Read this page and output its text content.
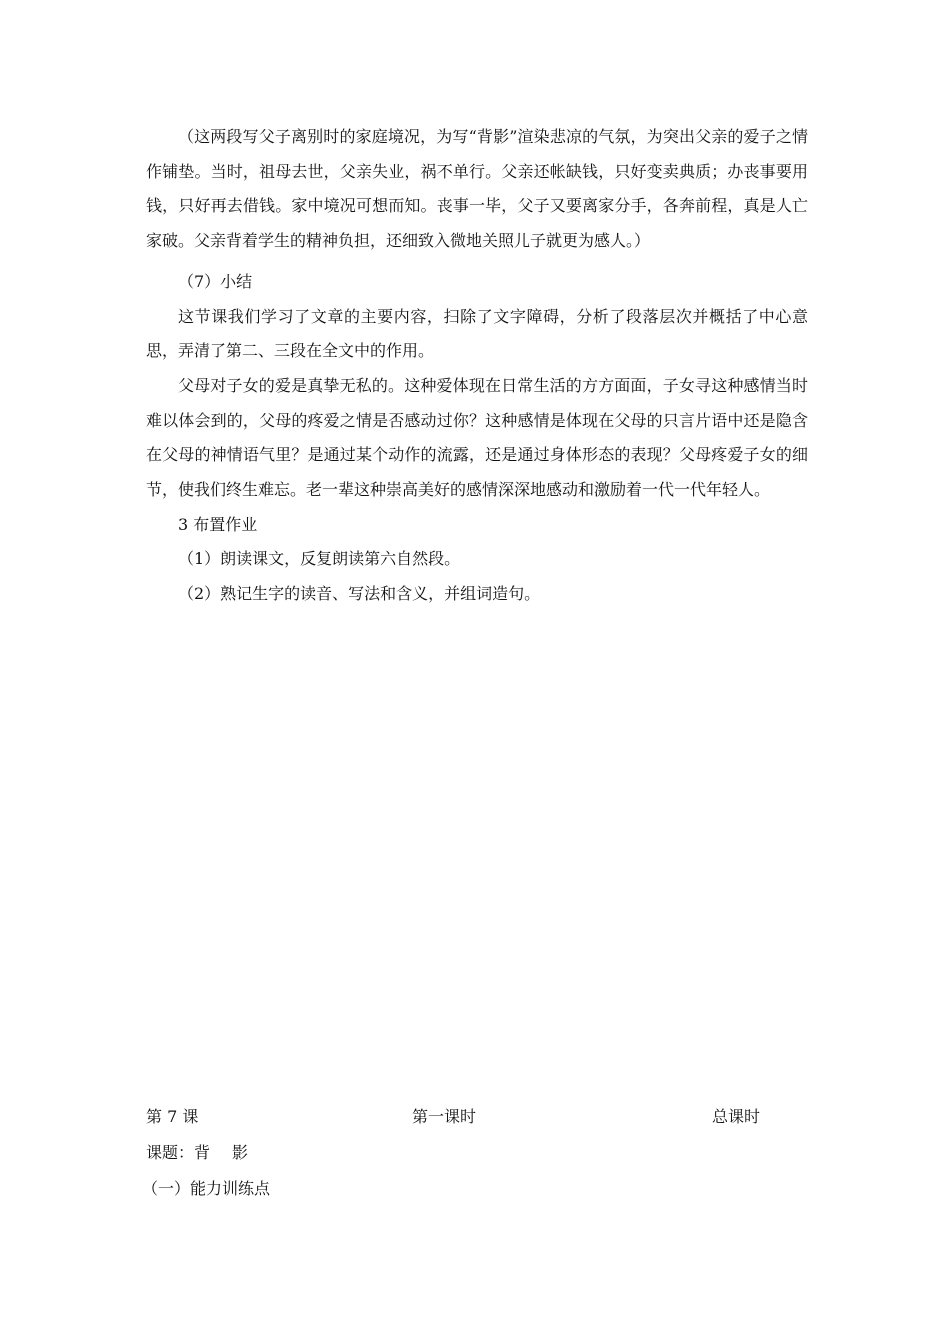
（这两段写父子离别时的家庭境况，为写“背影”渲染悲凉的气氛，为突出父亲的爱子之情作铺垫。当时，祖母去世，父亲失业，祸不单行。父亲还帐缺钱，只好变卖典质；办丧事要用钱，只好再去借钱。家中境况可想而知。丧事一毕，父子又要离家分手，各奔前程，真是人亡家破。父亲背着学生的精神负担，还细致入微地关照儿子就更为感人。）

（7）小结

这节课我们学习了文章的主要内容，扫除了文字障碍，分析了段落层次并概括了中心意思，弄清了第二、三段在全文中的作用。

父母对子女的爱是真挚无私的。这种爱体现在日常生活的方方面面，子女寻这种感情当时难以体会到的，父母的疼爱之情是否感动过你？这种感情是体现在父母的只言片语中还是隐含在父母的神情语气里？是通过某个动作的流露，还是通过身体形态的表现？父母疼爱子女的细节，使我们终生难忘。老一辈这种崇高美好的感情深深地感动和激励着一代一代年轻人。

3 布置作业

（1）朗读课文，反复朗读第六自然段。

（2）熟记生字的读音、写法和含义，并组词造句。

第 7 课	第一课时	总课时
课题：背 影
（一）能力训练点
